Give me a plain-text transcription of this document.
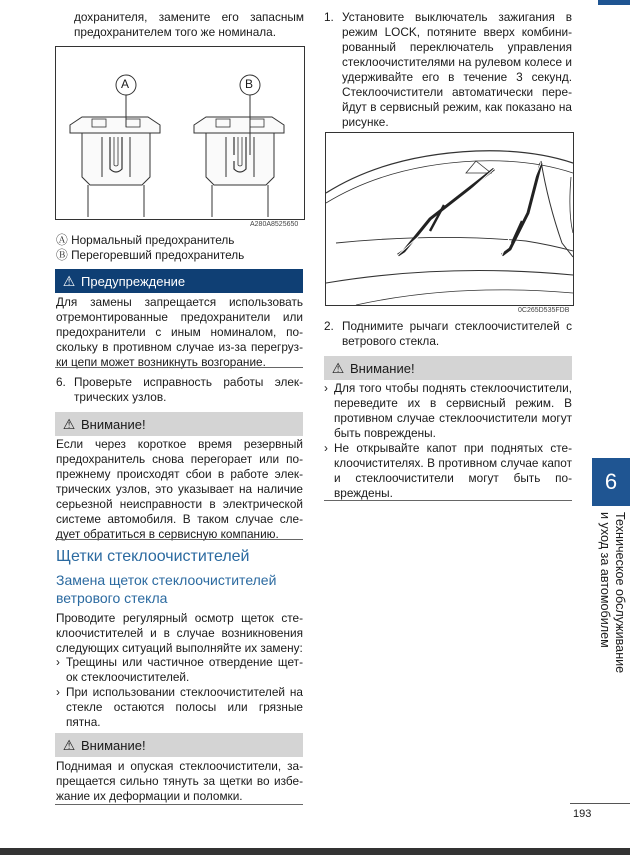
дохранителя, замените его запасным
предохранителем того же номинала.
A	B
A280A8525650
Ⓐ Нормальный предохранитель
Ⓑ Перегоревший предохранитель
⚠ Предупреждение
Для замены запрещается использовать отремонтированные предохранители или предохранители с иным номиналом, поскольку в противном случае из-за перегрузки цепи может возникнуть возгорание.
6. Проверьте исправность работы электрических узлов.
⚠ Внимание!
Если через короткое время резервный предохранитель снова перегорает или попрежнему происходят сбои в работе электрических узлов, это указывает на наличие серьезной неисправности в электрической системе автомобиля. В таком случае следует обратиться в сервисную компанию.
Щетки стеклоочистителей
Замена щеток стеклоочистителей ветрового стекла
Проводите регулярный осмотр щеток стеклоочистителей и в случае возникновения следующих ситуаций выполняйте их замену:
› Трещины или частичное отвердение щеток стеклоочистителей.
› При использовании стеклоочистителей на стекле остаются полосы или грязные пятна.
⚠ Внимание!
Поднимая и опуская стеклоочистители, запрещается сильно тянуть за щетки во избежание их деформации и поломки.
1. Установите выключатель зажигания в режим LOCK, потяните вверх комбинированный переключатель управления стеклоочистителями на рулевом колесе и удерживайте его в течение 3 секунд. Стеклоочистители автоматически перейдут в сервисный режим, как показано на рисунке.
0C265D535FDB
2. Поднимите рычаги стеклоочистителей с ветрового стекла.
⚠ Внимание!
› Для того чтобы поднять стеклоочистители, переведите их в сервисный режим. В противном случае стеклоочистители могут быть повреждены.
› Не открывайте капот при поднятых стеклоочистителях. В противном случае капот и стеклоочистители могут быть повреждены.	6
Техническое обслуживание
и уход за автомобилем
193
